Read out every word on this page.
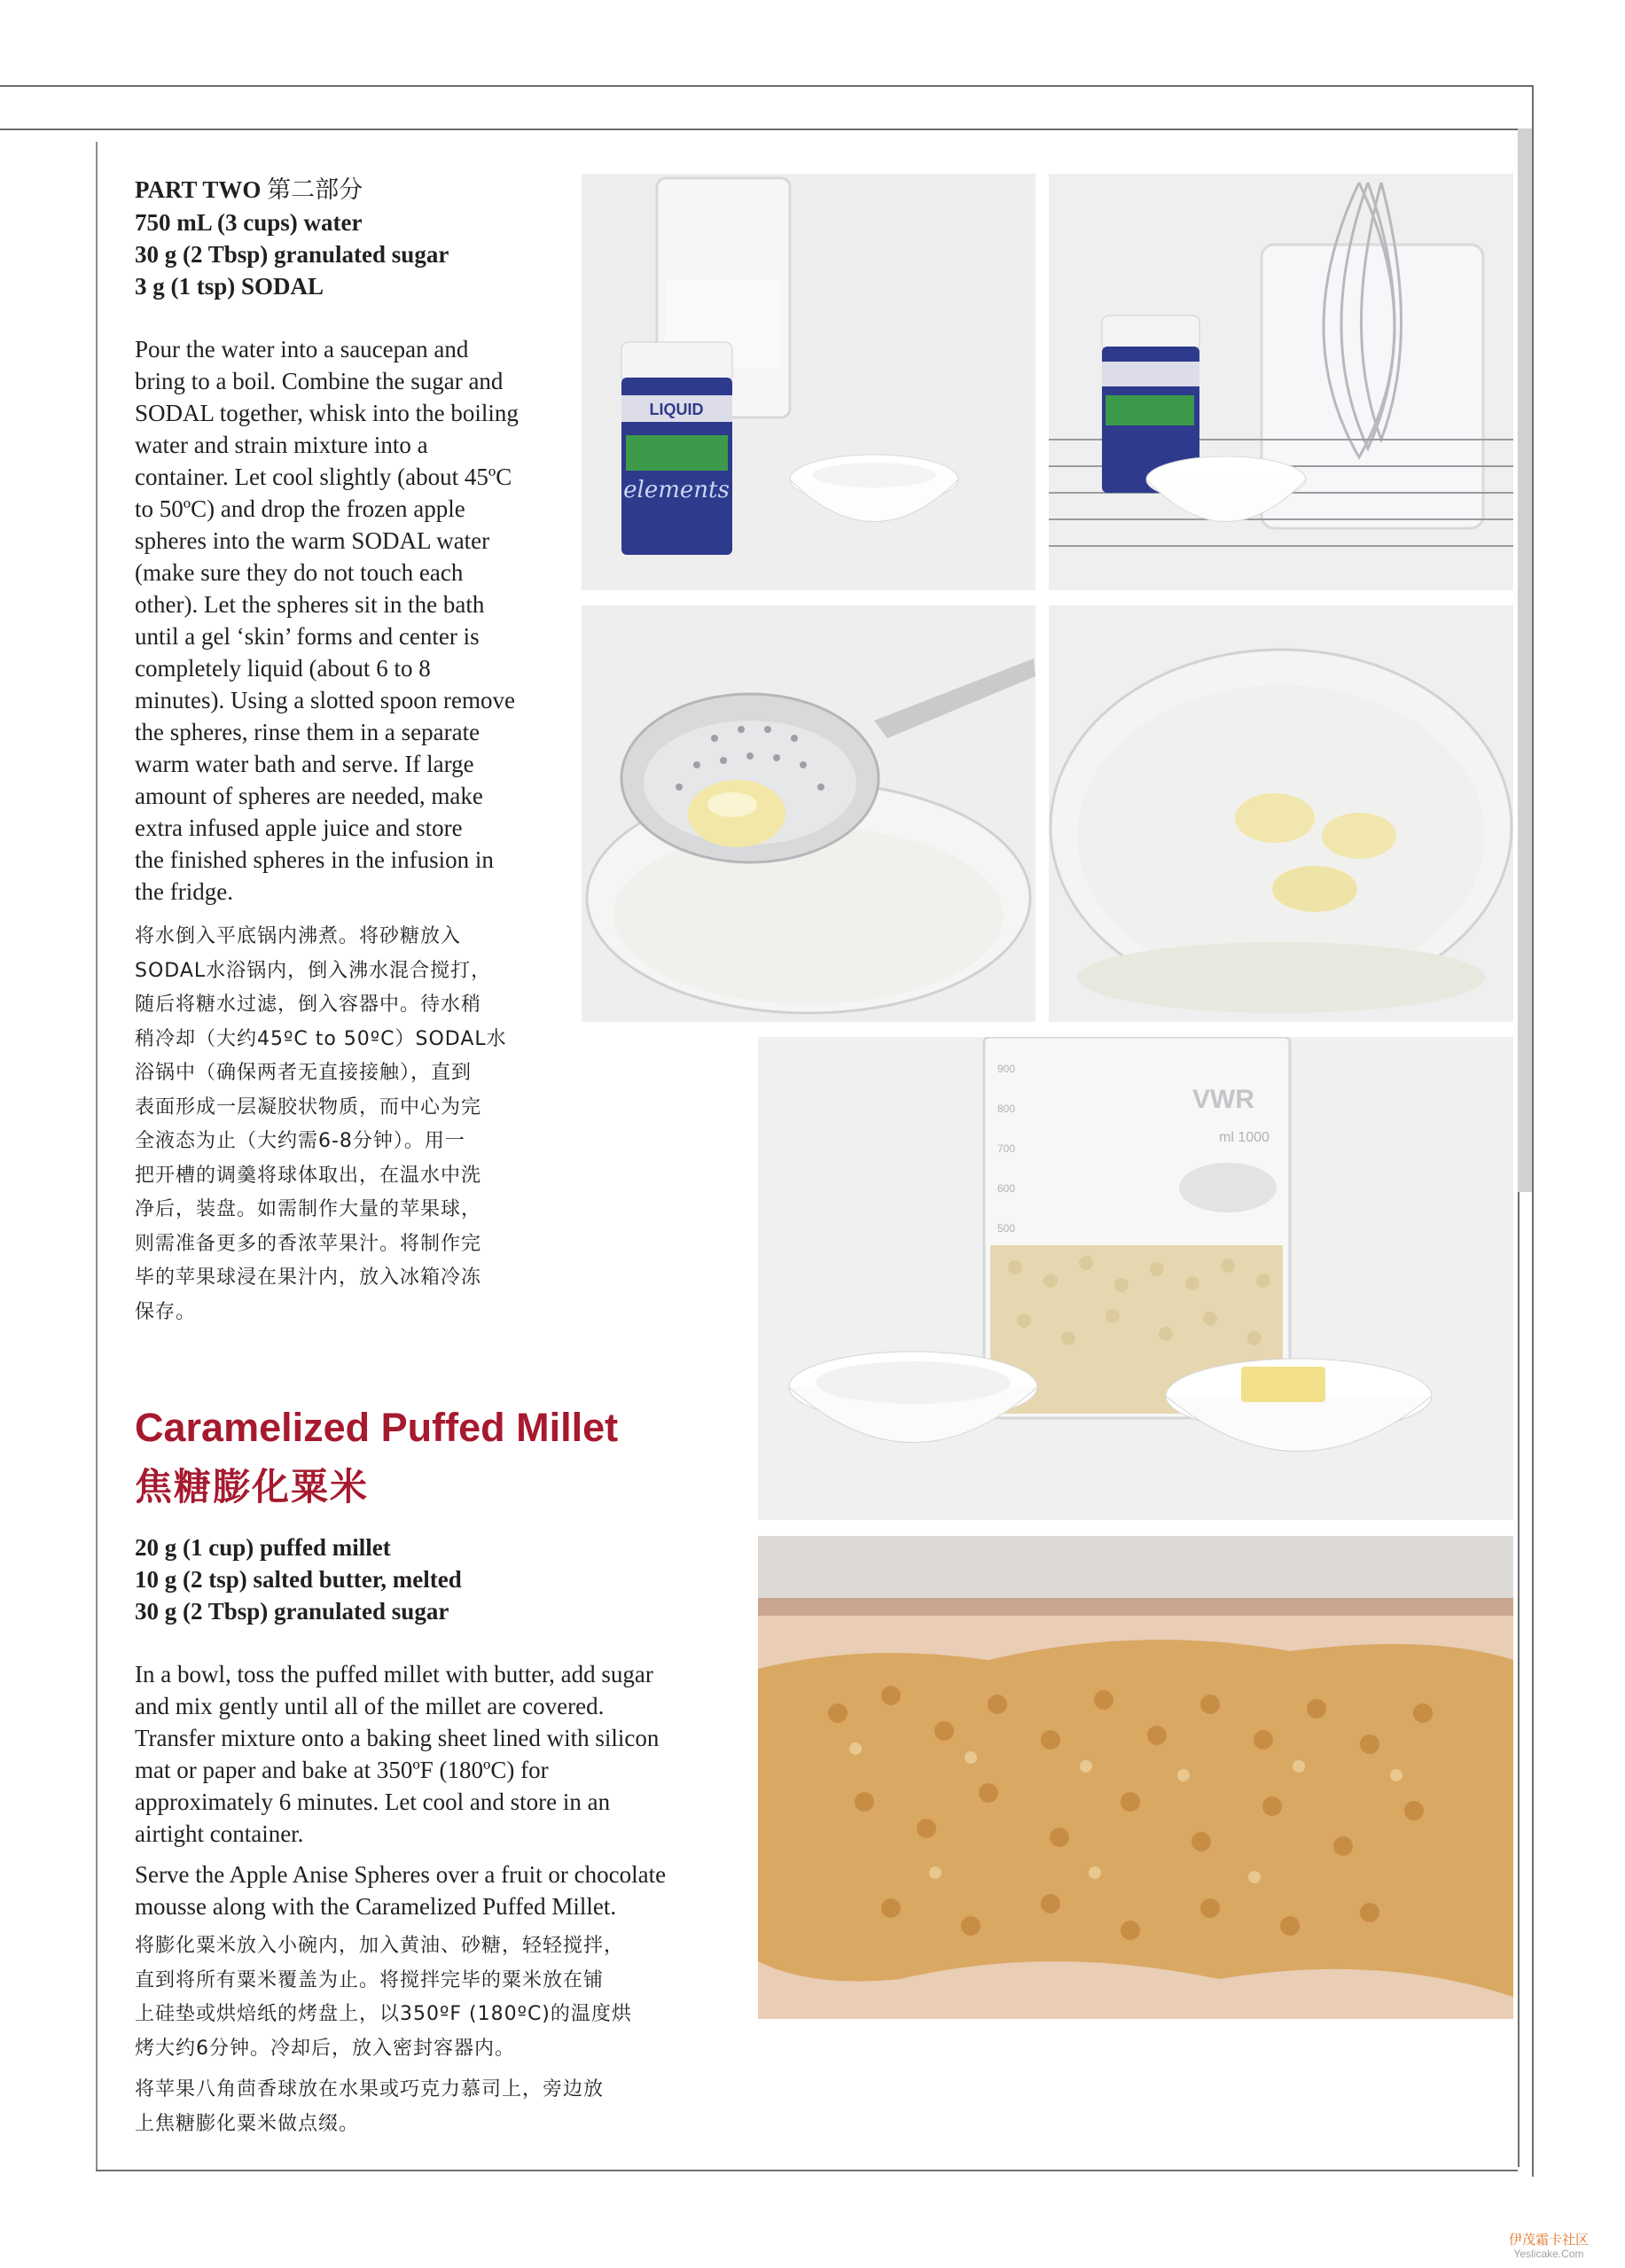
PART TWO 第二部分

750 mL (3 cups) water

30 g (2 Tbsp) granulated sugar

3 g (1 tsp) SODAL

Pour the water into a saucepan and

bring to a boil. Combine the sugar and

SODAL together, whisk into the boiling

water and strain mixture into a

container. Let cool slightly (about 45ºC

to 50ºC) and drop the frozen apple

spheres into the warm SODAL water

(make sure they do not touch each

other). Let the spheres sit in the bath

until a gel ‘skin’ forms and center is

completely liquid (about 6 to 8

minutes). Using a slotted spoon remove

the spheres, rinse them in a separate

warm water bath and serve. If large

amount of spheres are needed, make

extra infused apple juice and store

the finished spheres in the infusion in

the fridge.

将水倒入平底锅内沸煮。将砂糖放入

SODAL水浴锅内，倒入沸水混合搅打，

随后将糖水过滤，倒入容器中。待水稍

稍冷却（大约45ºC to 50ºC）SODAL水

浴锅中（确保两者无直接接触），直到

表面形成一层凝胶状物质，而中心为完

全液态为止（大约需6-8分钟）。用一

把开槽的调羹将球体取出，在温水中洗

净后，装盘。如需制作大量的苹果球，

则需准备更多的香浓苹果汁。将制作完

毕的苹果球浸在果汁内，放入冰箱冷冻

保存。

Caramelized Puffed Millet
焦糖膨化粟米

20 g (1 cup) puffed millet

10 g (2 tsp) salted butter, melted

30 g (2 Tbsp) granulated sugar

In a bowl, toss the puffed millet with butter, add sugar

and mix gently until all of the millet are covered.

Transfer mixture onto a baking sheet lined with silicon

mat or paper and bake at 350ºF (180ºC) for

approximately 6 minutes. Let cool and store in an

airtight container.

Serve the Apple Anise Spheres over a fruit or chocolate

mousse along with the Caramelized Puffed Millet.

将膨化粟米放入小碗内，加入黄油、砂糖，轻轻搅拌，

直到将所有粟米覆盖为止。将搅拌完毕的粟米放在铺

上硅垫或烘焙纸的烤盘上，以350ºF (180ºC)的温度烘

烤大约6分钟。冷却后，放入密封容器内。

将苹果八角茴香球放在水果或巧克力慕司上，旁边放

上焦糖膨化粟米做点缀。

LIQUID
elements
900
800
700
600
500
VWR
ml 1000
伊茂霜卡社区
Yeslicake.Com
